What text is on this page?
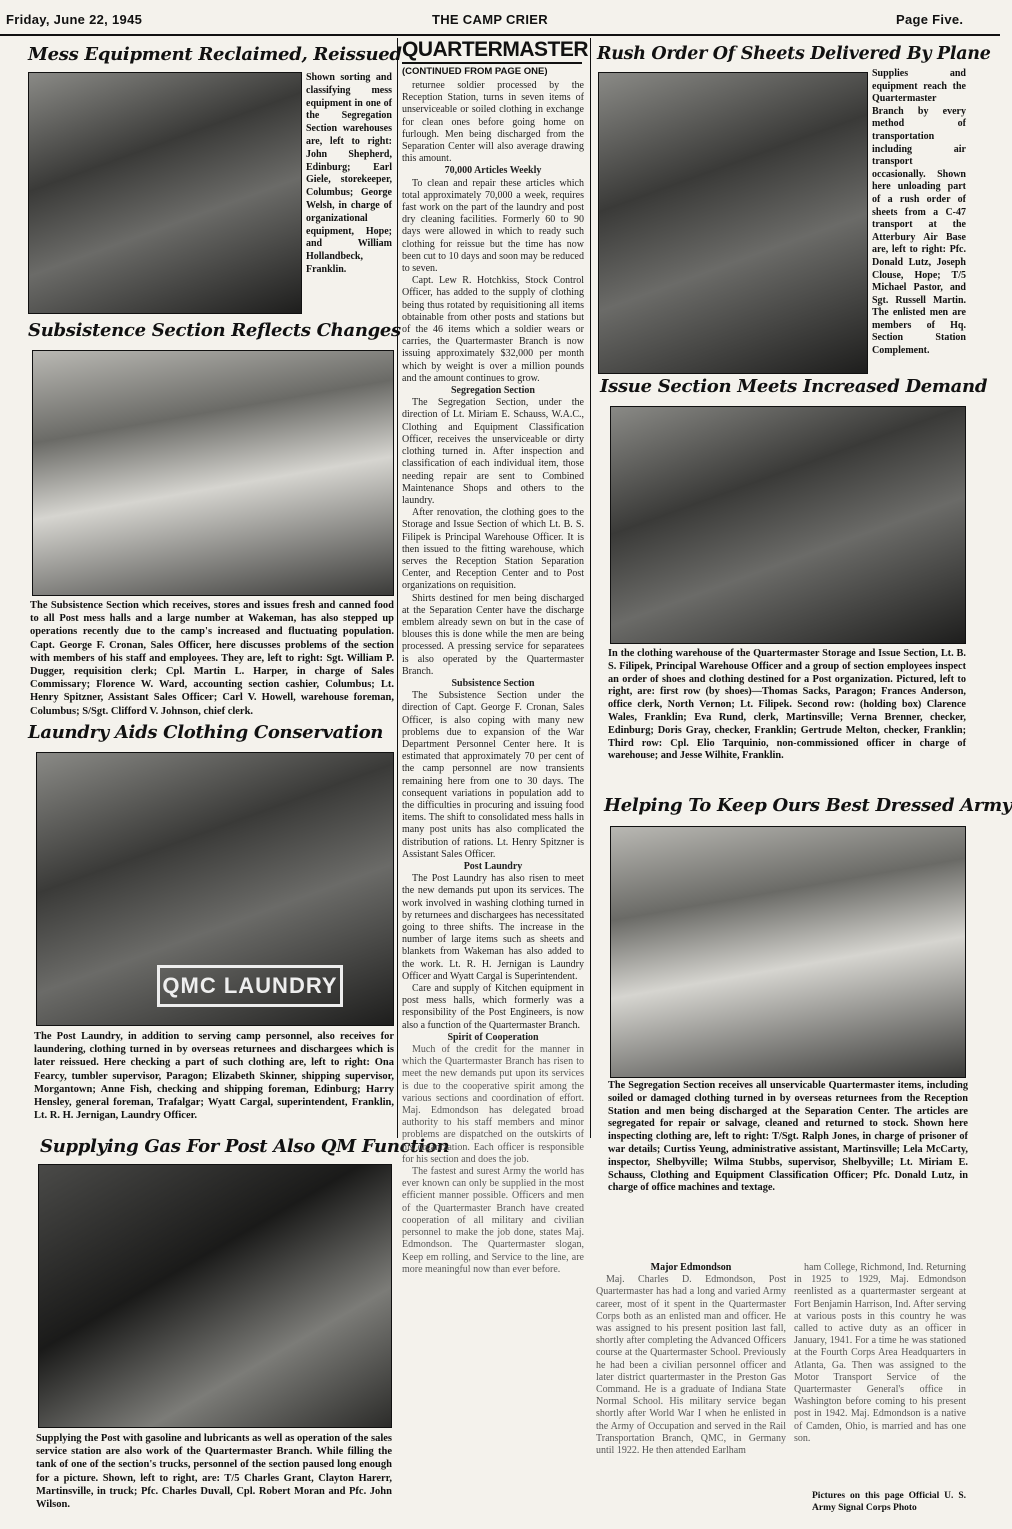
Friday, June 22, 1945	THE CAMP CRIER	Page Five.
Mess Equipment Reclaimed, Reissued
Shown sorting and classifying mess equipment in one of the Segregation Section warehouses are, left to right: John Shepherd, Edinburg; Earl Giele, storekeeper, Columbus; George Welsh, in charge of organizational equipment, Hope; and William Hollandbeck, Franklin.
Subsistence Section Reflects Changes
The Subsistence Section which receives, stores and issues fresh and canned food to all Post mess halls and a large number at Wakeman, has also stepped up operations recently due to the camp's increased and fluctuating population. Capt. George F. Cronan, Sales Officer, here discusses problems of the section with members of his staff and employees. They are, left to right: Sgt. William P. Dugger, requisition clerk; Cpl. Martin L. Harper, in charge of Sales Commissary; Florence W. Ward, accounting section cashier, Columbus; Lt. Henry Spitzner, Assistant Sales Officer; Carl V. Howell, warehouse foreman, Columbus; S/Sgt. Clifford V. Johnson, chief clerk.
Laundry Aids Clothing Conservation
QMC LAUNDRY
The Post Laundry, in addition to serving camp personnel, also receives for laundering, clothing turned in by overseas returnees and dischargees which is later reissued. Here checking a part of such clothing are, left to right: Ona Fearcy, tumbler supervisor, Paragon; Elizabeth Skinner, shipping supervisor, Morgantown; Anne Fish, checking and shipping foreman, Edinburg; Harry Hensley, general foreman, Trafalgar; Wyatt Cargal, superintendent, Franklin, Lt. R. H. Jernigan, Laundry Officer.
Supplying Gas For Post Also QM Function
Supplying the Post with gasoline and lubricants as well as operation of the sales service station are also work of the Quartermaster Branch. While filling the tank of one of the section's trucks, personnel of the section paused long enough for a picture. Shown, left to right, are: T/5 Charles Grant, Clayton Harerr, Martinsville, in truck; Pfc. Charles Duvall, Cpl. Robert Moran and Pfc. John Wilson.
QUARTERMASTER
(CONTINUED FROM PAGE ONE)

returnee soldier processed by the Reception Station, turns in seven items of unserviceable or soiled clothing in exchange for clean ones before going home on furlough. Men being discharged from the Separation Center will also average drawing this amount.

70,000 Articles Weekly

To clean and repair these articles which total approximately 70,000 a week, requires fast work on the part of the laundry and post dry cleaning facilities. Formerly 60 to 90 days were allowed in which to ready such clothing for reissue but the time has now been cut to 10 days and soon may be reduced to seven.

Capt. Lew R. Hotchkiss, Stock Control Officer, has added to the supply of clothing being thus rotated by requisitioning all items obtainable from other posts and stations but of the 46 items which a soldier wears or carries, the Quartermaster Branch is now issuing approximately $32,000 per month which by weight is over a million pounds and the amount continues to grow.

Segregation Section

The Segregation Section, under the direction of Lt. Miriam E. Schauss, W.A.C., Clothing and Equipment Classification Officer, receives the unserviceable or dirty clothing turned in. After inspection and classification of each individual item, those needing repair are sent to Combined Maintenance Shops and others to the laundry.

After renovation, the clothing goes to the Storage and Issue Section of which Lt. B. S. Filipek is Principal Warehouse Officer. It is then issued to the fitting warehouse, which serves the Reception Station Separation Center, and Reception Center and to Post organizations on requisition.

Shirts destined for men being discharged at the Separation Center have the discharge emblem already sewn on but in the case of blouses this is done while the men are being processed. A pressing service for separatees is also operated by the Quartermaster Branch.

Subsistence Section

The Subsistence Section under the direction of Capt. George F. Cronan, Sales Officer, is also coping with many new problems due to expansion of the War Department Personnel Center here. It is estimated that approximately 70 per cent of the camp personnel are now transients remaining here from one to 30 days. The consequent variations in population add to the difficulties in procuring and issuing food items. The shift to consolidated mess halls in many post units has also complicated the distribution of rations. Lt. Henry Spitzner is Assistant Sales Officer.

Post Laundry

The Post Laundry has also risen to meet the new demands put upon its services. The work involved in washing clothing turned in by returnees and dischargees has necessitated going to three shifts. The increase in the number of large items such as sheets and blankets from Wakeman has also added to the work. Lt. R. H. Jernigan is Laundry Officer and Wyatt Cargal is Superintendent.

Care and supply of Kitchen equipment in post mess halls, which formerly was a responsibility of the Post Engineers, is now also a function of the Quartermaster Branch.

Spirit of Cooperation

Much of the credit for the manner in which the Quartermaster Branch has risen to meet the new demands put upon its services is due to the cooperative spirit among the various sections and coordination of effort. Maj. Edmondson has delegated broad authority to his staff members and minor problems are dispatched on the outskirts of his organization. Each officer is responsible for his section and does the job.

The fastest and surest Army the world has ever known can only be supplied in the most efficient manner possible. Officers and men of the Quartermaster Branch have created cooperation of all military and civilian personnel to make the job done, states Maj. Edmondson. The Quartermaster slogan, Keep em rolling, and Service to the line, are more meaningful now than ever before.

Rush Order Of Sheets Delivered By Plane
Supplies and equipment reach the Quartermaster Branch by every method of transportation including air transport occasionally. Shown here unloading part of a rush order of sheets from a C-47 transport at the Atterbury Air Base are, left to right: Pfc. Donald Lutz, Joseph Clouse, Hope; T/5 Michael Pastor, and Sgt. Russell Martin. The enlisted men are members of Hq. Section Station Complement.
Issue Section Meets Increased Demand
In the clothing warehouse of the Quartermaster Storage and Issue Section, Lt. B. S. Filipek, Principal Warehouse Officer and a group of section employees inspect an order of shoes and clothing destined for a Post organization. Pictured, left to right, are: first row (by shoes)—Thomas Sacks, Paragon; Frances Anderson, office clerk, North Vernon; Lt. Filipek. Second row: (holding box) Clarence Wales, Franklin; Eva Rund, clerk, Martinsville; Verna Brenner, checker, Edinburg; Doris Gray, checker, Franklin; Gertrude Melton, checker, Franklin; Third row: Cpl. Elio Tarquinio, non-commissioned officer in charge of warehouse; and Jesse Wilhite, Franklin.
Helping To Keep Ours Best Dressed Army
The Segregation Section receives all unservicable Quartermaster items, including soiled or damaged clothing turned in by overseas returnees from the Reception Station and men being discharged at the Separation Center. The articles are segregated for repair or salvage, cleaned and returned to stock. Shown here inspecting clothing are, left to right: T/Sgt. Ralph Jones, in charge of prisoner of war details; Curtiss Yeung, administrative assistant, Martinsville; Lela McCarty, inspector, Shelbyville; Wilma Stubbs, supervisor, Shelbyville; Lt. Miriam E. Schauss, Clothing and Equipment Classification Officer; Pfc. Donald Lutz, in charge of office machines and textage.

Major Edmondson

Maj. Charles D. Edmondson, Post Quartermaster has had a long and varied Army career, most of it spent in the Quartermaster Corps both as an enlisted man and officer. He was assigned to his present position last fall, shortly after completing the Advanced Officers course at the Quartermaster School. Previously he had been a civilian personnel officer and later district quartermaster in the Preston Gas Command. He is a graduate of Indiana State Normal School. His military service began shortly after World War I when he enlisted in the Army of Occupation and served in the Rail Transportation Branch, QMC, in Germany until 1922. He then attended Earlham

ham College, Richmond, Ind. Returning in 1925 to 1929, Maj. Edmondson reenlisted as a quartermaster sergeant at Fort Benjamin Harrison, Ind. After serving at various posts in this country he was called to active duty as an officer in January, 1941. For a time he was stationed at the Fourth Corps Area Headquarters in Atlanta, Ga. Then was assigned to the Motor Transport Service of the Quartermaster General's office in Washington before coming to his present post in 1942. Maj. Edmondson is a native of Camden, Ohio, is married and has one son.

Pictures on this page Official U. S. Army Signal Corps Photo
